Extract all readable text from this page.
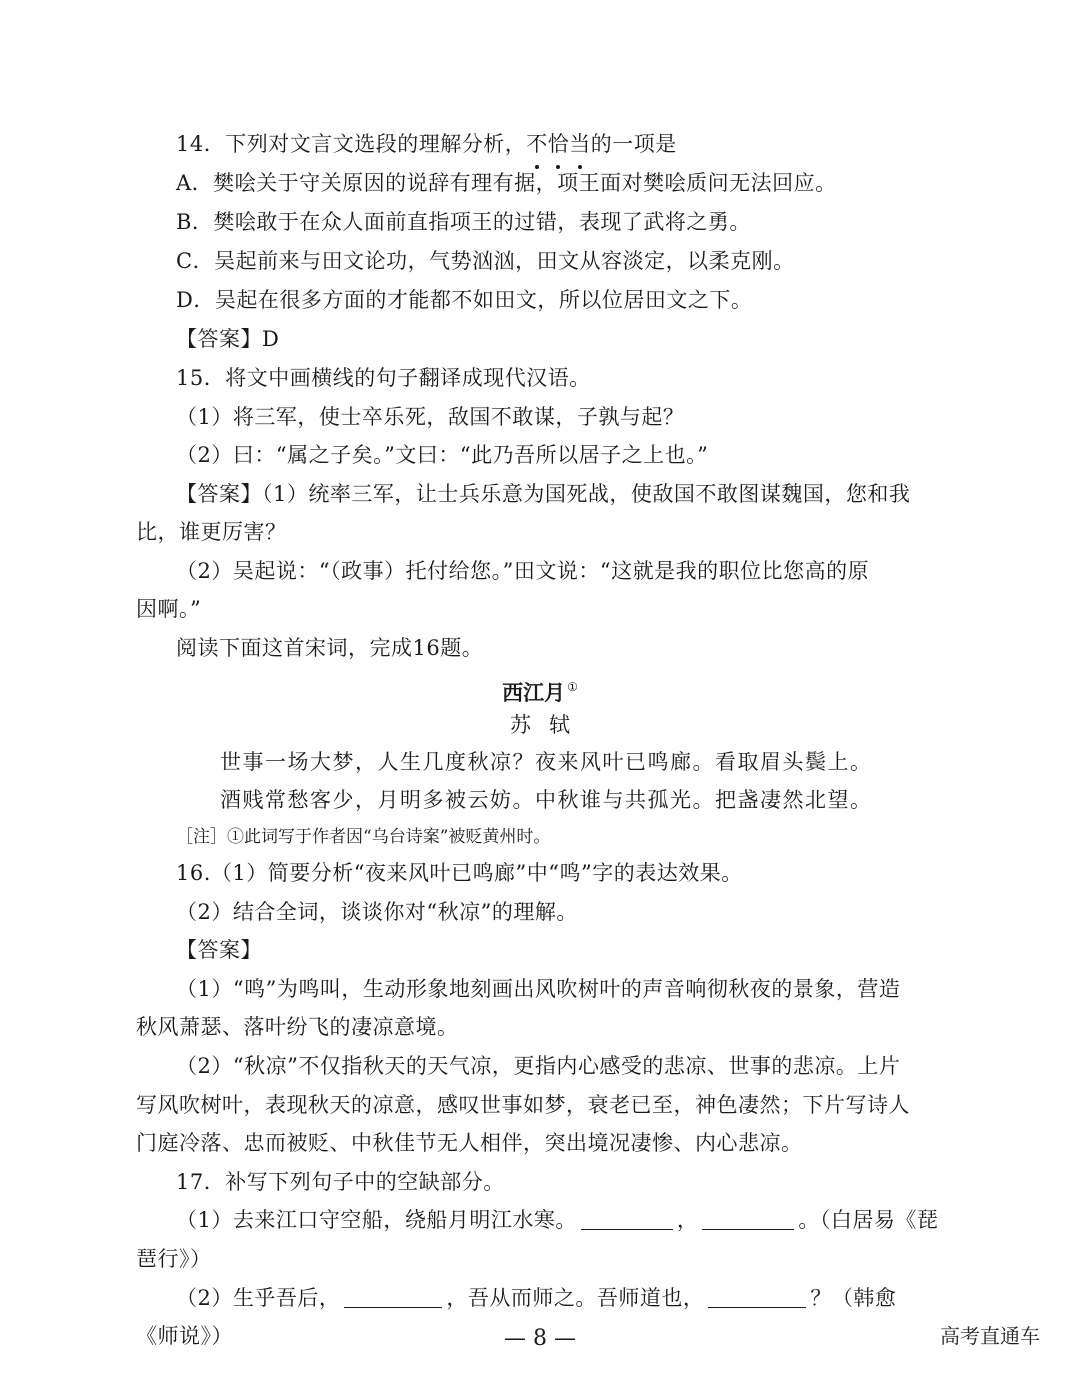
14．下列对文言文选段的理解分析，不恰当的一项是
A．樊哙关于守关原因的说辞有理有据，项王面对樊哙质问无法回应。
B．樊哙敢于在众人面前直指项王的过错，表现了武将之勇。
C．吴起前来与田文论功，气势汹汹，田文从容淡定，以柔克刚。
D．吴起在很多方面的才能都不如田文，所以位居田文之下。
【答案】D
15．将文中画横线的句子翻译成现代汉语。
（1）将三军，使士卒乐死，敌国不敢谋，子孰与起？
（2）曰：“属之子矣。”文曰：“此乃吾所以居子之上也。”
【答案】（1）统率三军，让士兵乐意为国死战，使敌国不敢图谋魏国，您和我
比，谁更厉害？
（2）吴起说：“（政事）托付给您。”田文说：“这就是我的职位比您高的原
因啊。”
阅读下面这首宋词，完成16题。
西江月 ①
苏轼
世事一场大梦，人生几度秋凉？夜来风叶已鸣廊。看取眉头鬓上。
酒贱常愁客少，月明多被云妨。中秋谁与共孤光。把盏凄然北望。
［注］①此词写于作者因“乌台诗案”被贬黄州时。
16.（1）简要分析“夜来风叶已鸣廊”中“鸣”字的表达效果。
（2）结合全词，谈谈你对“秋凉”的理解。
【答案】
（1）“鸣”为鸣叫，生动形象地刻画出风吹树叶的声音响彻秋夜的景象，营造
秋风萧瑟、落叶纷飞的凄凉意境。
（2）“秋凉”不仅指秋天的天气凉，更指内心感受的悲凉、世事的悲凉。上片
写风吹树叶，表现秋天的凉意，感叹世事如梦，衰老已至，神色凄然；下片写诗人
门庭冷落、忠而被贬、中秋佳节无人相伴，突出境况凄惨、内心悲凉。
17．补写下列句子中的空缺部分。
（1）去来江口守空船，绕船月明江水寒。	，	。（白居易《琵
琶行》）
（2）生乎吾后，	，吾从而师之。吾师道也，	？（韩愈
《师说》）	— 8 —	高考直通车
